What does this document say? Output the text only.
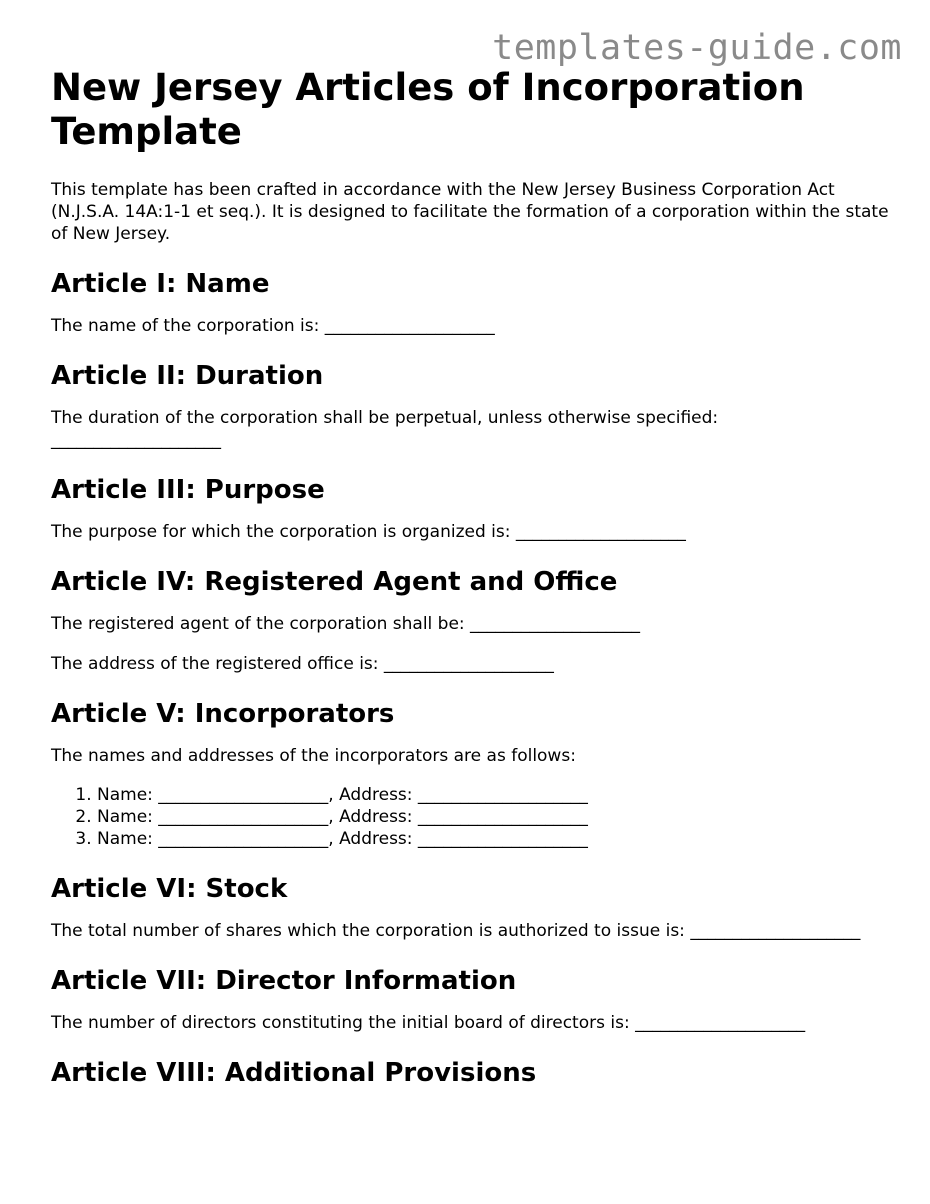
templates-guide.com
New Jersey Articles of Incorporation Template

This template has been crafted in accordance with the New Jersey Business Corporation Act (N.J.S.A. 14A:1-1 et seq.). It is designed to facilitate the formation of a corporation within the state of New Jersey.

Article I: Name

The name of the corporation is: ____________________

Article II: Duration

The duration of the corporation shall be perpetual, unless otherwise specified: ____________________

Article III: Purpose

The purpose for which the corporation is organized is: ____________________

Article IV: Registered Agent and Office

The registered agent of the corporation shall be: ____________________

The address of the registered office is: ____________________

Article V: Incorporators

The names and addresses of the incorporators are as follows:

1. Name: ____________________, Address: ____________________
2. Name: ____________________, Address: ____________________
3. Name: ____________________, Address: ____________________
Article VI: Stock

The total number of shares which the corporation is authorized to issue is: ____________________

Article VII: Director Information

The number of directors constituting the initial board of directors is: ____________________

Article VIII: Additional Provisions
